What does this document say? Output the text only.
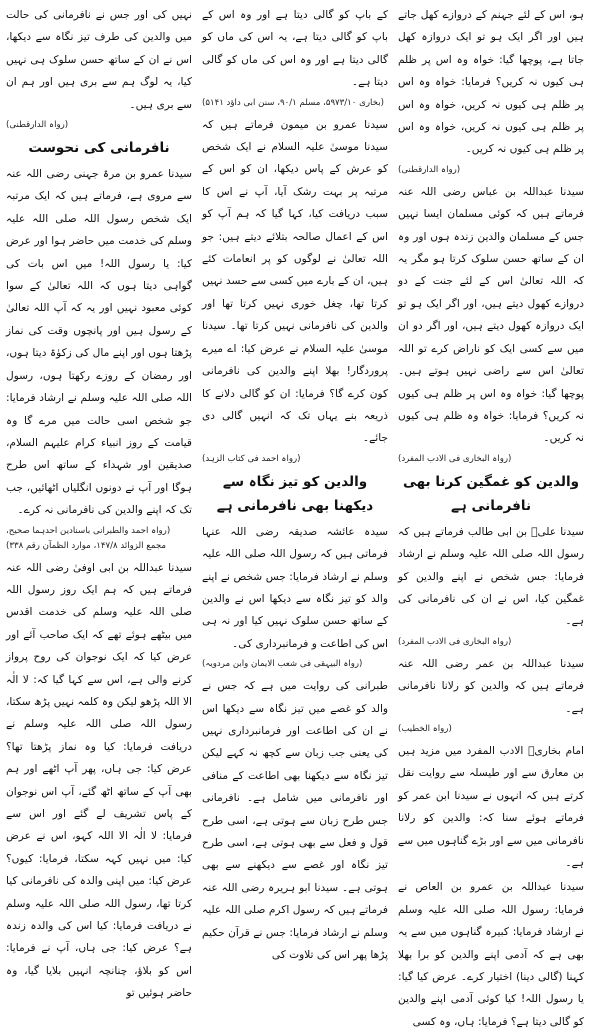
ہو، اس کے لئے جہنم کے دروازے کھل جاتے ہیں اور اگر ایک ہو تو ایک دروازہ کھل جاتا ہے، پوچھا گیا: خواہ وہ اس پر ظلم ہی کیوں نہ کریں؟ فرمایا: خواہ وہ اس پر ظلم ہی کیوں نہ کریں، خواہ وہ اس پر ظلم ہی کیوں نہ کریں، خواہ وہ اس پر ظلم ہی کیوں نہ کریں۔

(رواہ الدارقطنی)

سیدنا عبداللہ بن عباس رضی اللہ عنہ فرماتے ہیں کہ کوئی مسلمان ایسا نہیں جس کے مسلمان والدین زندہ ہوں اور وہ ان کے ساتھ حسن سلوک کرتا ہو مگر یہ کہ اللہ تعالیٰ اس کے لئے جنت کے دو دروازے کھول دیتے ہیں، اور اگر ایک ہو تو ایک دروازہ کھول دیتے ہیں، اور اگر دو ان میں سے کسی ایک کو ناراض کرے تو اللہ تعالیٰ اس سے راضی نہیں ہوتے ہیں۔ پوچھا گیا: خواہ وہ اس پر ظلم ہی کیوں نہ کریں؟ فرمایا: خواہ وہ ظلم ہی کیوں نہ کریں۔

(رواہ البخاری فی الادب المفرد)
والدین کو غمگین کرنا بھی نافرمانی ہے

سیدنا علیؓ بن ابی طالب فرماتے ہیں کہ رسول اللہ صلی اللہ علیہ وسلم نے ارشاد فرمایا: جس شخص نے اپنے والدین کو غمگین کیا، اس نے ان کی نافرمانی کی ہے۔

(رواہ البخاری فی الادب المفرد)

سیدنا عبداللہ بن عمر رضی اللہ عنہ فرماتے ہیں کہ والدین کو رلانا نافرمانی ہے۔

(رواہ الخطیب)

امام بخاریؒ الادب المفرد میں مزید ہیں بن معارق سے اور طیسلہ سے روایت نقل کرتے ہیں کہ انہوں نے سیدنا ابن عمر کو فرماتے ہوئے سنا کہ: والدین کو رلانا نافرمانی میں سے اور بڑے گناہوں میں سے ہے۔

سیدنا عبداللہ بن عمرو بن العاص نے فرمایا: رسول اللہ صلی اللہ علیہ وسلم نے ارشاد فرمایا: کبیرہ گناہوں میں سے یہ بھی ہے کہ آدمی اپنے والدین کو برا بھلا کہنا (گالی دینا) اختیار کرے۔ عرض کیا گیا: یا رسول اللہ! کیا کوئی آدمی اپنے والدین کو گالی دیتا ہے؟ فرمایا: ہاں، وہ کسی

کے باپ کو گالی دیتا ہے اور وہ اس کے باپ کو گالی دیتا ہے، یہ اس کی ماں کو گالی دیتا ہے اور وہ اس کی ماں کو گالی دیتا ہے۔

(بخاری ۵۹۷۳/۱۰، مسلم ۹۰/۱، سنن ابی داؤد ۵۱۴۱)

سیدنا عمرو بن میمون فرماتے ہیں کہ سیدنا موسیٰ علیہ السلام نے ایک شخص کو عرش کے پاس دیکھا، ان کو اس کے مرتبہ پر بہت رشک آیا، آپ نے اس کا سبب دریافت کیا، کہا گیا کہ ہم آپ کو اس کے اعمال صالحہ بتلائے دیتے ہیں: جو اللہ تعالیٰ نے لوگوں کو پر انعامات کئے ہیں، ان کے بارے میں کسی سے حسد نہیں کرتا تھا، چغل خوری نہیں کرتا تھا اور والدین کی نافرمانی نہیں کرتا تھا۔ سیدنا موسیٰ علیہ السلام نے عرض کیا: اے میرے پروردگار! بھلا اپنے والدین کی نافرمانی کون کرے گا؟ فرمایا: ان کو گالی دلانے کا ذریعہ بنے یہاں تک کہ انہیں گالی دی جائے۔

(رواہ احمد فی کتاب الزہد)
والدین کو تیز نگاہ سے دیکھنا بھی نافرمانی ہے

سیدہ عائشہ صدیقہ رضی اللہ عنہا فرماتی ہیں کہ رسول اللہ صلی اللہ علیہ وسلم نے ارشاد فرمایا: جس شخص نے اپنے والد کو تیز نگاہ سے دیکھا اس نے والدین کے ساتھ حسن سلوک نہیں کیا اور نہ ہی اس کی اطاعت و فرمانبرداری کی۔

(رواہ البیہقی فی شعب الایمان وابن مردویہ)

طبرانی کی روایت میں ہے کہ جس نے والد کو غصے میں تیز نگاہ سے دیکھا اس نے ان کی اطاعت اور فرمانبرداری نہیں کی یعنی جب زبان سے کچھ نہ کہے لیکن تیز نگاہ سے دیکھنا بھی اطاعت کے منافی اور نافرمانی میں شامل ہے۔ نافرمانی جس طرح زبان سے ہوتی ہے، اسی طرح قول و فعل سے بھی ہوتی ہے، اسی طرح تیز نگاہ اور غصے سے دیکھنے سے بھی ہوتی ہے۔ سیدنا ابو ہریرہ رضی اللہ عنہ فرماتے ہیں کہ رسول اکرم صلی اللہ علیہ وسلم نے ارشاد فرمایا: جس نے قرآن حکیم پڑھا پھر اس کی تلاوت کی

نہیں کی اور جس نے نافرمانی کی حالت میں والدین کی طرف تیز نگاہ سے دیکھا، اس نے ان کے ساتھ حسن سلوک ہی نہیں کیا، یہ لوگ ہم سے بری ہیں اور ہم ان سے بری ہیں۔

(رواہ الدارقطنی)
نافرمانی کی نحوست

سیدنا عمرو بن مرۃ جہنی رضی اللہ عنہ سے مروی ہے، فرماتے ہیں کہ ایک مرتبہ ایک شخص رسول اللہ صلی اللہ علیہ وسلم کی خدمت میں حاضر ہوا اور عرض کیا: یا رسول اللہ! میں اس بات کی گواہی دیتا ہوں کہ اللہ تعالیٰ کے سوا کوئی معبود نہیں اور یہ کہ آپ اللہ تعالیٰ کے رسول ہیں اور پانچوں وقت کی نماز پڑھتا ہوں اور اپنے مال کی زکوٰۃ دیتا ہوں، اور رمضان کے روزے رکھتا ہوں، رسول اللہ صلی اللہ علیہ وسلم نے ارشاد فرمایا: جو شخص اسی حالت میں مرے گا وہ قیامت کے روز انبیاء کرام علیہم السلام، صدیقین اور شہداء کے ساتھ اس طرح ہوگا اور آپ نے دونوں انگلیاں اٹھائیں، جب تک کہ اپنے والدین کی نافرمانی نہ کرے۔

(رواہ احمد والطبرانی باسنادین احدہما صحیح، مجمع الزوائد ۱۴۷/۸، موارد الظمآن رقم ۳۳۸)

سیدنا عبداللہ بن ابی اوفیٰ رضی اللہ عنہ فرماتے ہیں کہ ہم ایک روز رسول اللہ صلی اللہ علیہ وسلم کی خدمت اقدس میں بیٹھے ہوئے تھے کہ ایک صاحب آئے اور عرض کیا کہ ایک نوجوان کی روح پرواز کرنے والی ہے، اس سے کہا گیا کہ: لا الٰہ الا اللہ پڑھو لیکن وہ کلمہ نہیں پڑھ سکتا، رسول اللہ صلی اللہ علیہ وسلم نے دریافت فرمایا: کیا وہ نماز پڑھتا تھا؟ عرض کیا: جی ہاں، پھر آپ اٹھے اور ہم بھی آپ کے ساتھ اٹھ گئے، آپ اس نوجوان کے پاس تشریف لے گئے اور اس سے فرمایا: لا الٰہ الا اللہ کہو، اس نے عرض کیا: میں نہیں کہہ سکتا، فرمایا: کیوں؟ عرض کیا: میں اپنی والدہ کی نافرمانی کیا کرتا تھا، رسول اللہ صلی اللہ علیہ وسلم نے دریافت فرمایا: کیا اس کی والدہ زندہ ہے؟ عرض کیا: جی ہاں، آپ نے فرمایا: اس کو بلاؤ، چنانچہ انہیں بلایا گیا، وہ حاضر ہوئیں تو
